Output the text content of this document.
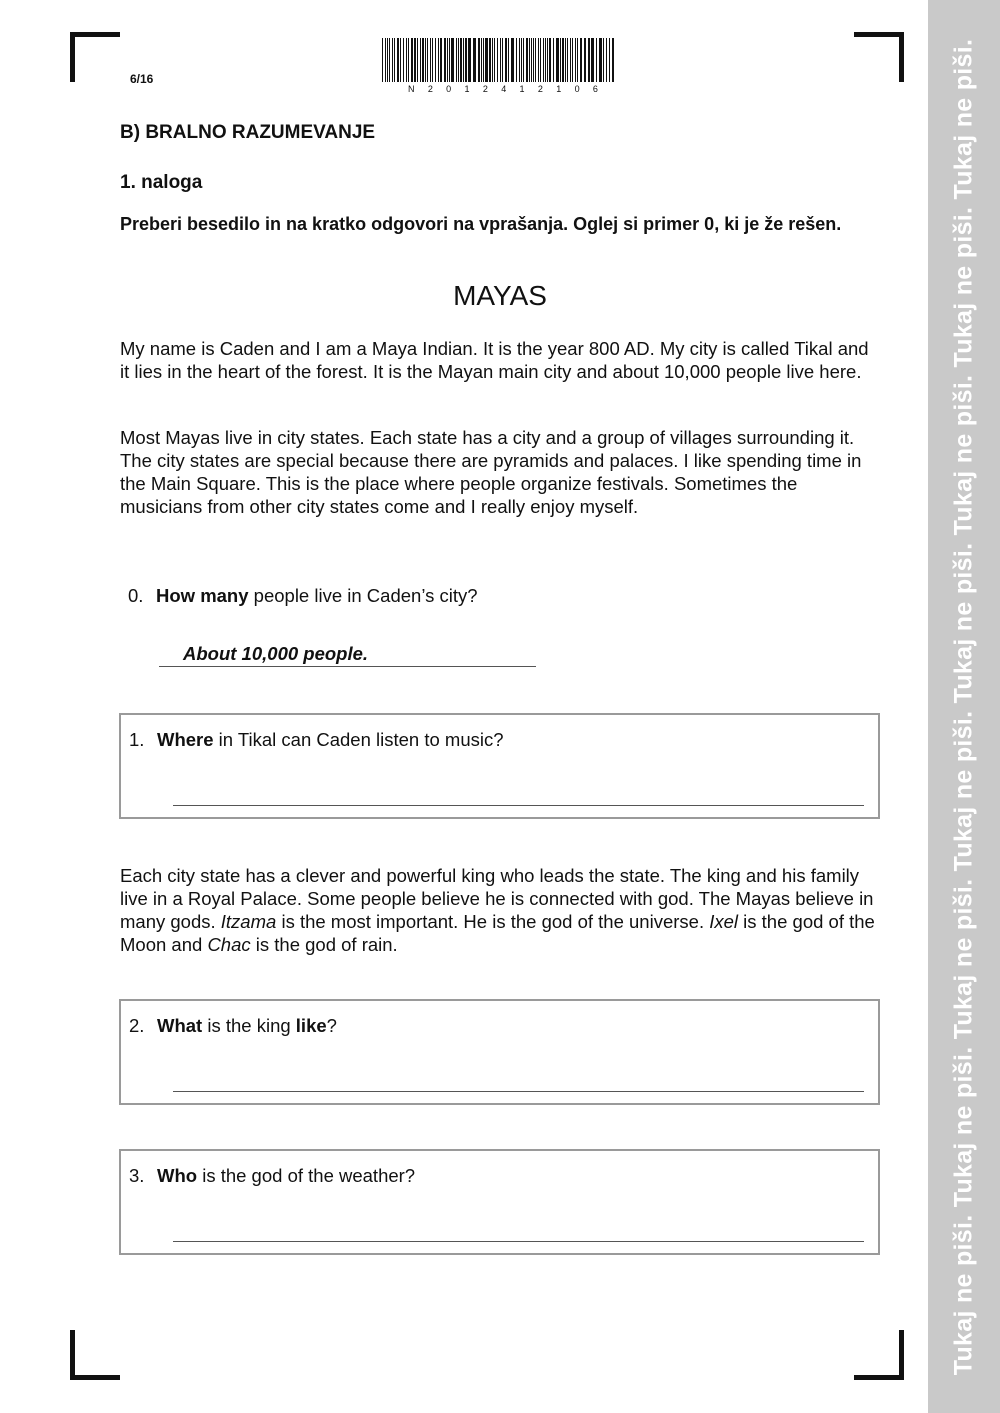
6/16
N 2 0 1 2 4 1 2 1 0 6
B) BRALNO RAZUMEVANJE
1. naloga
Preberi besedilo in na kratko odgovori na vprašanja. Oglej si primer 0, ki je že rešen.
MAYAS
My name is Caden and I am a Maya Indian. It is the year 800 AD. My city is called Tikal and it lies in the heart of the forest. It is the Mayan main city and about 10,000 people live here.
Most Mayas live in city states. Each state has a city and a group of villages surrounding it. The city states are special because there are pyramids and palaces. I like spending time in the Main Square. This is the place where people organize festivals. Sometimes the musicians from other city states come and I really enjoy myself.
0. How many people live in Caden’s city?
About 10,000 people.
1. Where in Tikal can Caden listen to music?
Each city state has a clever and powerful king who leads the state. The king and his family live in a Royal Palace. Some people believe he is connected with god. The Mayas believe in many gods. Itzama is the most important. He is the god of the universe. Ixel is the god of the Moon and Chac is the god of rain.
2. What is the king like?
3. Who is the god of the weather?	Tukaj ne piši. Tukaj ne piši. Tukaj ne piši. Tukaj ne piši. Tukaj ne piši. Tukaj ne piši. Tukaj ne piši. Tukaj ne piši.
